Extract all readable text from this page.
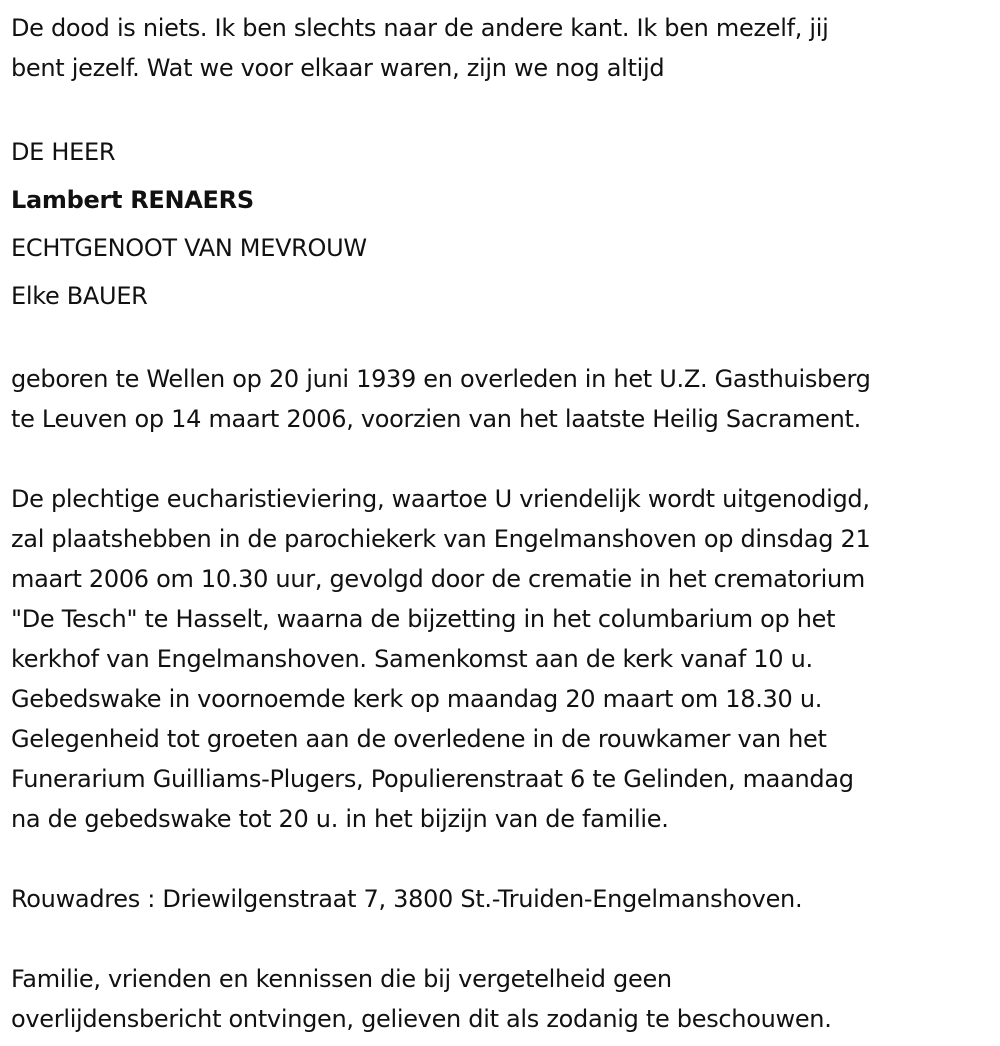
De dood is niets. Ik ben slechts naar de andere kant. Ik ben mezelf, jij
bent jezelf. Wat we voor elkaar waren, zijn we nog altijd

DE HEER
Lambert RENAERS
ECHTGENOOT VAN MEVROUW
Elke BAUER

geboren te Wellen op 20 juni 1939 en overleden in het U.Z. Gasthuisberg
te Leuven op 14 maart 2006, voorzien van het laatste Heilig Sacrament.

De plechtige eucharistieviering, waartoe U vriendelijk wordt uitgenodigd,
zal plaatshebben in de parochiekerk van Engelmanshoven op dinsdag 21
maart 2006 om 10.30 uur, gevolgd door de crematie in het crematorium
"De Tesch" te Hasselt, waarna de bijzetting in het columbarium op het
kerkhof van Engelmanshoven. Samenkomst aan de kerk vanaf 10 u.
Gebedswake in voornoemde kerk op maandag 20 maart om 18.30 u.
Gelegenheid tot groeten aan de overledene in de rouwkamer van het
Funerarium Guilliams-Plugers, Populierenstraat 6 te Gelinden, maandag
na de gebedswake tot 20 u. in het bijzijn van de familie.

Rouwadres : Driewilgenstraat 7, 3800 St.-Truiden-Engelmanshoven.

Familie, vrienden en kennissen die bij vergetelheid geen
overlijdensbericht ontvingen, gelieven dit als zodanig te beschouwen.
